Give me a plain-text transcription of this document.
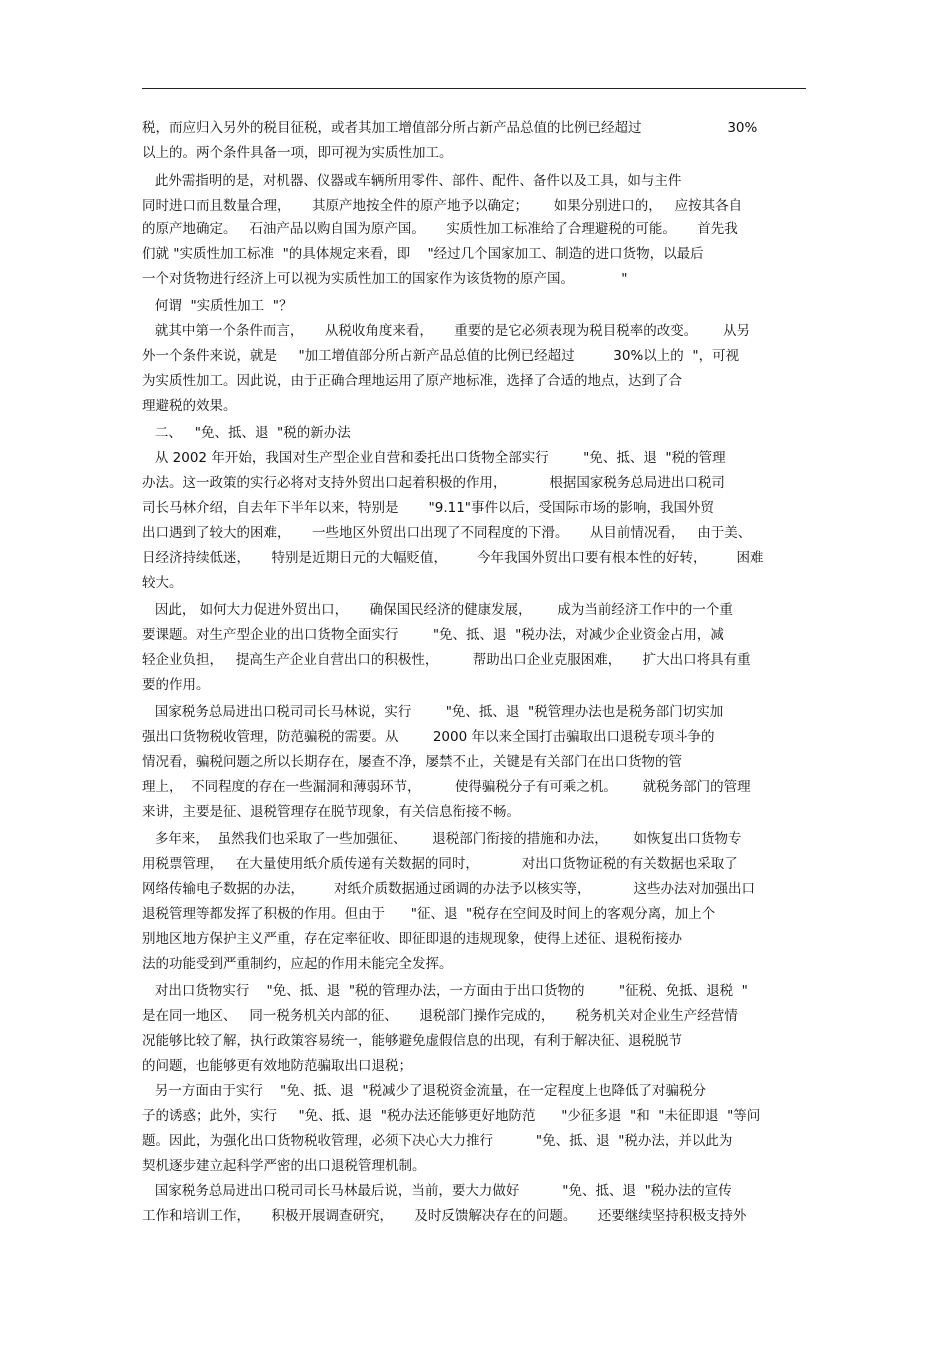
税，而应归入另外的税目征税，或者其加工增值部分所占新产品总值的比例已经超过                    30%
以上的。两个条件具备一项，即可视为实质性加工。
此外需指明的是，对机器、仪器或车辆所用零件、部件、配件、备件以及工具，如与主件
同时进口而且数量合理，     其原产地按全件的原产地予以确定；      如果分别进口的，   应按其各自
的原产地确定。   石油产品以购自国为原产国。     实质性加工标准给了合理避税的可能。     首先我
们就 "实质性加工标准  "的具体规定来看，即    "经过几个国家加工、制造的进口货物，以最后
一个对货物进行经济上可以视为实质性加工的国家作为该货物的原产国。           "
何谓  "实质性加工  "？
就其中第一个条件而言，     从税收角度来看，     重要的是它必须表现为税目税率的改变。      从另
外一个条件来说，就是     "加工增值部分所占新产品总值的比例已经超过         30%以上的  "，可视
为实质性加工。因此说，由于正确合理地运用了原产地标准，选择了合适的地点，达到了合
理避税的效果。
二、   "免、抵、退  "税的新办法
从 2002 年开始，我国对生产型企业自营和委托出口货物全部实行        "免、抵、退  "税的管理
办法。这一政策的实行必将对支持外贸出口起着积极的作用，          根据国家税务总局进出口税司
司长马林介绍，自去年下半年以来，特别是       "9.11"事件以后，受国际市场的影响，我国外贸
出口遇到了较大的困难，     一些地区外贸出口出现了不同程度的下滑。     从目前情况看，   由于美、
日经济持续低迷，     特别是近期日元的大幅贬值，       今年我国外贸出口要有根本性的好转，       困难
较大。
因此， 如何大力促进外贸出口，     确保国民经济的健康发展，      成为当前经济工作中的一个重
要课题。对生产型企业的出口货物全面实行        "免、抵、退  "税办法，对减少企业资金占用，减
轻企业负担，   提高生产企业自营出口的积极性，        帮助出口企业克服困难，     扩大出口将具有重
要的作用。
国家税务总局进出口税司司长马林说，实行        "免、抵、退  "税管理办法也是税务部门切实加
强出口货物税收管理，防范骗税的需要。从        2000 年以来全国打击骗取出口退税专项斗争的
情况看，骗税问题之所以长期存在，屡查不净，屡禁不止，关键是有关部门在出口货物的管
理上，  不同程度的存在一些漏洞和薄弱环节，        使得骗税分子有可乘之机。      就税务部门的管理
来讲，主要是征、退税管理存在脱节现象，有关信息衔接不畅。
多年来，  虽然我们也采取了一些加强征、      退税部门衔接的措施和办法，      如恢复出口货物专
用税票管理，   在大量使用纸介质传递有关数据的同时，          对出口货物证税的有关数据也采取了
网络传输电子数据的办法，       对纸介质数据通过函调的办法予以核实等，          这些办法对加强出口
退税管理等都发挥了积极的作用。但由于      "征、退  "税存在空间及时间上的客观分离，加上个
别地区地方保护主义严重，存在定率征收、即征即退的违规现象，使得上述征、退税衔接办
法的功能受到严重制约，应起的作用未能完全发挥。
对出口货物实行    "免、抵、退  "税的管理办法，一方面由于出口货物的        "征税、免抵、退税  "
是在同一地区、   同一税务机关内部的征、     退税部门操作完成的，     税务机关对企业生产经营情
况能够比较了解，执行政策容易统一，能够避免虚假信息的出现，有利于解决征、退税脱节
的问题，也能够更有效地防范骗取出口退税；
另一方面由于实行    "免、抵、退  "税减少了退税资金流量，在一定程度上也降低了对骗税分
子的诱惑；此外，实行     "免、抵、退  "税办法还能够更好地防范      "少征多退  "和  "未征即退  "等问
题。因此，为强化出口货物税收管理，必须下决心大力推行          "免、抵、退  "税办法，并以此为
契机逐步建立起科学严密的出口退税管理机制。
国家税务总局进出口税司司长马林最后说，当前，要大力做好          "免、抵、退  "税办法的宣传
工作和培训工作，     积极开展调查研究，     及时反馈解决存在的问题。     还要继续坚持积极支持外
